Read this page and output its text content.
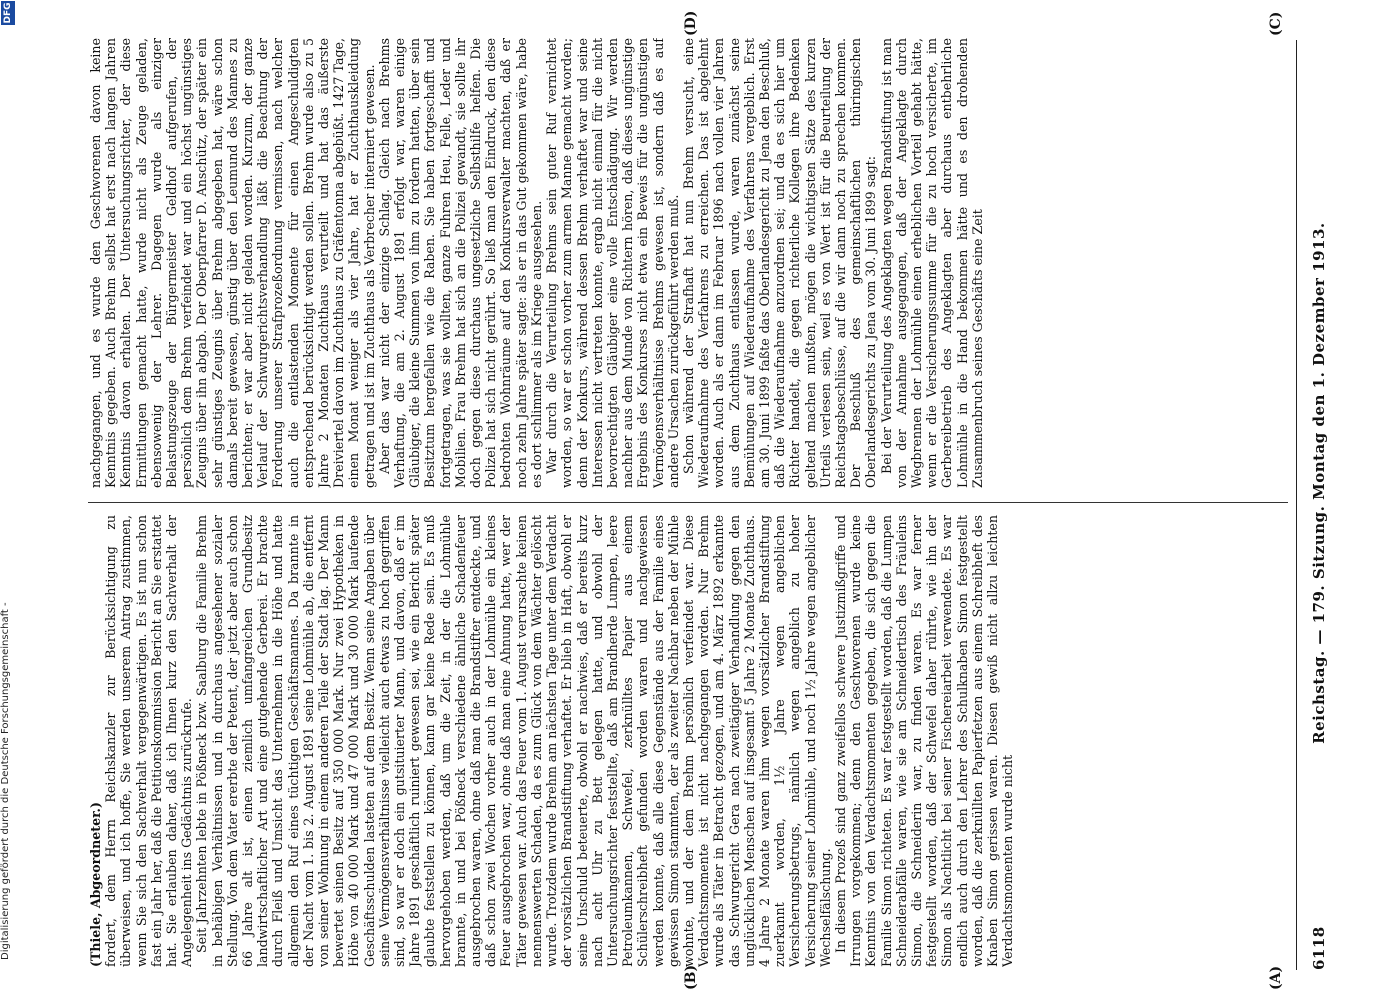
6118
Reichstag. — 179. Sitzung. Montag den 1. Dezember 1913.

(Thiele, Abgeordneter.) fordert, dem Herrn Reichskanzler zur Berücksichtigung zu überweisen, und ich hoffe, Sie werden unserem Antrag zustimmen, wenn Sie sich den Sachverhalt vergegenwärtigen. Es ist nun schon fast ein Jahr her, daß die Petitionskommission Bericht an Sie erstattet hat. Sie erlauben daher, daß ich Ihnen kurz den Sachverhalt der Angelegenheit ins Gedächtnis zurückrufe. Seit Jahrzehnten lebte in Pößneck bzw. Saalburg die Familie Brehm in behäbigen Verhältnissen und in durchaus angesehener sozialer Stellung. Von dem Vater ererbte der Petent, der jetzt aber auch schon 66 Jahre alt ist, einen ziemlich umfangreichen Grundbesitz landwirtschaftlicher Art und eine gutgehende Gerberei. Er brachte durch Fleiß und Umsicht das Unternehmen in die Höhe und hatte allgemein den Ruf eines tüchtigen Geschäftsmannes. Da brannte in der Nacht vom 1. bis 2. August 1891 seine Lohmühle ab, die entfernt von seiner Wohnung in einem anderen Teile der Stadt lag. Der Mann bewertet seinen Besitz auf 350 000 Mark. Nur zwei Hypotheken in Höhe von 40 000 Mark und 47 000 Mark und 30 000 Mark laufende Geschäftsschulden lasteten auf dem Besitz. Wenn seine Angaben über seine Vermögensverhältnisse vielleicht auch etwas zu hoch gegriffen sind, so war er doch ein gutsituierter Mann, und davon, daß er im Jahre 1891 geschäftlich ruiniert gewesen sei, wie ein Bericht später glaubte feststellen zu können, kann gar keine Rede sein. Es muß hervorgehoben werden, daß um die Zeit, in der die Lohmühle brannte, in und bei Pößneck verschiedene ähnliche Schadenfeuer ausgebrochen waren, ohne daß man die Brandstifter entdeckte, und daß schon zwei Wochen vorher auch in der Lohmühle ein kleines Feuer ausgebrochen war, ohne daß man eine Ahnung hatte, wer der Täter gewesen war. Auch das Feuer vom 1. August verursachte keinen nennenswerten Schaden, da es zum Glück von dem Wächter gelöscht wurde. Trotzdem wurde Brehm am nächsten Tage unter dem Verdacht der vorsätzlichen Brandstiftung verhaftet. Er blieb in Haft, obwohl er seine Unschuld beteuerte, obwohl er nachwies, daß er bereits kurz nach acht Uhr zu Bett gelegen hatte, und obwohl der Untersuchungsrichter feststellte, daß am Brandherde Lumpen, leere Petroleumkannen, Schwefel, zerknülltes Papier aus einem Schülerschreibheft gefunden worden waren und nachgewiesen werden konnte, daß alle diese Gegenstände aus der Familie eines gewissen Simon stammten, der als zweiter Nachbar neben der Mühle wohnte, und der dem Brehm persönlich verfeindet war. Diese Verdachtsmomente ist nicht nachgegangen worden. Nur Brehm wurde als Täter in Betracht gezogen, und am 4. März 1892 erkannte das Schwurgericht Gera nach zweitägiger Verhandlung gegen den unglücklichen Menschen auf insgesamt 5 Jahre 2 Monate Zuchthaus. 4 Jahre 2 Monate waren ihm wegen vorsätzlicher Brandstiftung zuerkannt worden, 1½ Jahre wegen angeblichen Versicherungsbetrugs, nämlich wegen angeblich zu hoher Versicherung seiner Lohmühle, und noch 1½ Jahre wegen angeblicher Wechselfälschung. In diesem Prozeß sind ganz zweifellos schwere Justizmißgriffe und Irrungen vorgekommen; denn den Geschworenen wurde keine Kenntnis von den Verdachtsmomenten gegeben, die sich gegen die Familie Simon richteten. Es war festgestellt worden, daß die Lumpen Schneiderabfälle waren, wie sie am Schneidertisch des Fräuleins Simon, die Schneiderin war, zu finden waren. Es war ferner festgestellt worden, daß der Schwefel daher rührte, wie ihn der Simon als Nachtlicht bei seiner Fischereiarbeit verwendete. Es war endlich auch durch den Lehrer des Schulknaben Simon festgestellt worden, daß die zerknüllten Papierfetzen aus einem Schreibheft des Knaben Simon gerissen waren. Diesen gewiß nicht allzu leichten Verdachtsmomenten wurde nicht

nachgegangen, und es wurde den Geschworenen davon keine Kenntnis gegeben. Auch Brehm selbst hat erst nach langen Jahren Kenntnis davon erhalten. Der Untersuchungsrichter, der diese Ermittlungen gemacht hatte, wurde nicht als Zeuge geladen, ebensowenig der Lehrer. Dagegen wurde als einziger Belastungszeuge der Bürgermeister Geldhof aufgerufen, der persönlich dem Brehm verfeindet war und ein höchst ungünstiges Zeugnis über ihn abgab. Der Oberpfarrer D. Anschütz, der später ein sehr günstiges Zeugnis über Brehm abgegeben hat, wäre schon damals bereit gewesen, günstig über den Leumund des Mannes zu berichten; er war aber nicht geladen worden. Kurzum, der ganze Verlauf der Schwurgerichtsverhandlung läßt die Beachtung der Forderung unserer Strafprozeßordnung vermissen, nach welcher auch die entlastenden Momente für einen Angeschuldigten entsprechend berücksichtigt werden sollen. Brehm wurde also zu 5 Jahre 2 Monaten Zuchthaus verurteilt und hat das äußerste Dreiviertel davon im Zuchthaus zu Gräfentonna abgebüßt. 1427 Tage, einen Monat weniger als vier Jahre, hat er Zuchthauskleidung getragen und ist im Zuchthaus als Verbrecher interniert gewesen. Aber das war nicht der einzige Schlag. Gleich nach Brehms Verhaftung, die am 2. August 1891 erfolgt war, waren einige Gläubiger, die kleine Summen von ihm zu fordern hatten, über sein Besitztum hergefallen wie die Raben. Sie haben fortgeschafft und fortgetragen, was sie wollten, ganze Fuhren Heu, Felle, Leder und Mobilien. Frau Brehm hat sich an die Polizei gewandt, sie sollte ihr doch gegen diese durchaus ungesetzliche Selbsthilfe helfen. Die Polizei hat sich nicht gerührt. So ließ man den Eindruck, den diese bedrohten Wohnräume auf den Konkursverwalter machten, daß er noch zehn Jahre später sagte: als er in das Gut gekommen wäre, habe es dort schlimmer als im Kriege ausgesehen. War durch die Verurteilung Brehms sein guter Ruf vernichtet worden, so war er schon vorher zum armen Manne gemacht worden; denn der Konkurs, während dessen Brehm verhaftet war und seine Interessen nicht vertreten konnte, ergab nicht einmal für die nicht bevorrechtigten Gläubiger eine volle Entschädigung. Wir werden nachher aus dem Munde von Richtern hören, daß dieses ungünstige Ergebnis des Konkurses nicht etwa ein Beweis für die ungünstigen Vermögensverhältnisse Brehms gewesen ist, sondern daß es auf andere Ursachen zurückgeführt werden muß. Schon während der Strafhaft hat nun Brehm versucht, eine Wiederaufnahme des Verfahrens zu erreichen. Das ist abgelehnt worden. Auch als er dann im Februar 1896 nach vollen vier Jahren aus dem Zuchthaus entlassen wurde, waren zunächst seine Bemühungen auf Wiederaufnahme des Verfahrens vergeblich. Erst am 30. Juni 1899 faßte das Oberlandesgericht zu Jena den Beschluß, daß die Wiederaufnahme anzuordnen sei; und da es sich hier um Richter handelt, die gegen richterliche Kollegen ihre Bedenken geltend machen mußten, mögen die wichtigsten Sätze des kurzen Urteils verlesen sein, weil es von Wert ist für die Beurteilung der Reichstagsbeschlüsse, auf die wir dann noch zu sprechen kommen. Der Beschluß des gemeinschaftlichen thüringischen Oberlandesgerichts zu Jena vom 30. Juni 1899 sagt: Bei der Verurteilung des Angeklagten wegen Brandstiftung ist man von der Annahme ausgegangen, daß der Angeklagte durch Wegbrennen der Lohmühle einen erheblichen Vorteil gehabt hätte, wenn er die Versicherungssumme für die zu hoch versicherte, im Gerbereibetrieb des Angeklagten aber durchaus entbehrliche Lohmühle in die Hand bekommen hätte und es den drohenden Zusammenbruch seines Geschäfts eine Zeit

(A)
(B)
(C)
(D)
Digitalisierung gefördert durch die Deutsche Forschungsgemeinschaft -
DFG
